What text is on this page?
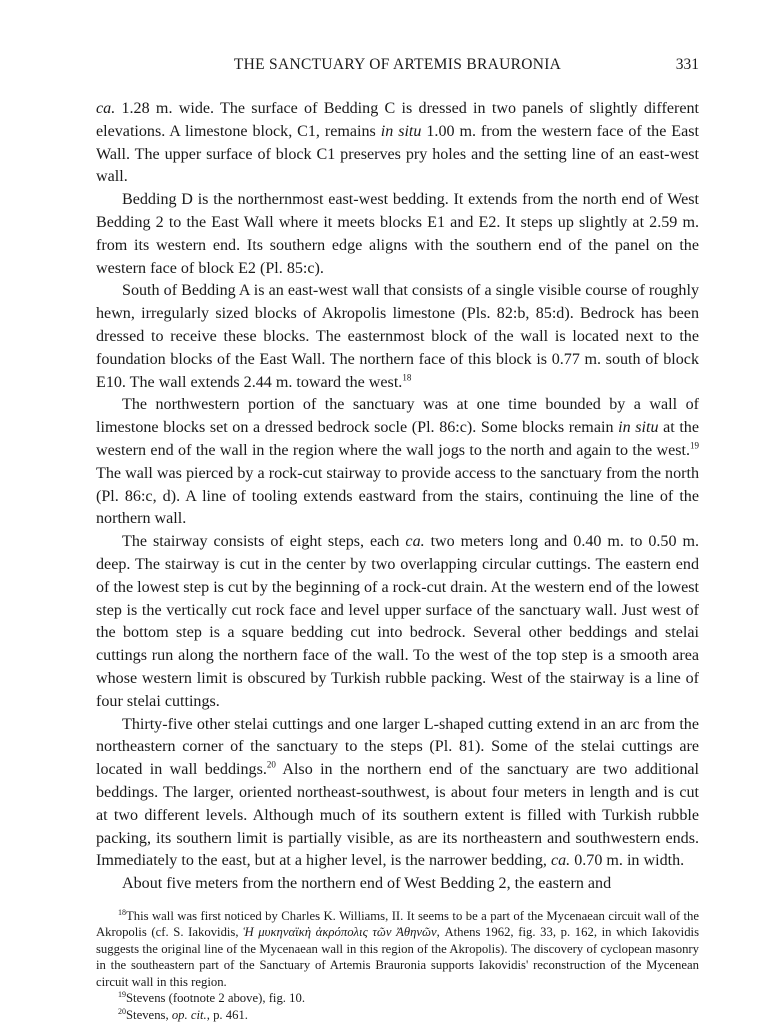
THE SANCTUARY OF ARTEMIS BRAURONIA	331

ca. 1.28 m. wide. The surface of Bedding C is dressed in two panels of slightly different elevations. A limestone block, C1, remains in situ 1.00 m. from the western face of the East Wall. The upper surface of block C1 preserves pry holes and the setting line of an east-west wall.

Bedding D is the northernmost east-west bedding. It extends from the north end of West Bedding 2 to the East Wall where it meets blocks E1 and E2. It steps up slightly at 2.59 m. from its western end. Its southern edge aligns with the southern end of the panel on the western face of block E2 (Pl. 85:c).

South of Bedding A is an east-west wall that consists of a single visible course of roughly hewn, irregularly sized blocks of Akropolis limestone (Pls. 82:b, 85:d). Bedrock has been dressed to receive these blocks. The easternmost block of the wall is located next to the foundation blocks of the East Wall. The northern face of this block is 0.77 m. south of block E10. The wall extends 2.44 m. toward the west.$^{18}$

The northwestern portion of the sanctuary was at one time bounded by a wall of limestone blocks set on a dressed bedrock socle (Pl. 86:c). Some blocks remain in situ at the western end of the wall in the region where the wall jogs to the north and again to the west.$^{19}$ The wall was pierced by a rock-cut stairway to provide access to the sanctuary from the north (Pl. 86:c, d). A line of tooling extends eastward from the stairs, continuing the line of the northern wall.

The stairway consists of eight steps, each ca. two meters long and 0.40 m. to 0.50 m. deep. The stairway is cut in the center by two overlapping circular cuttings. The eastern end of the lowest step is cut by the beginning of a rock-cut drain. At the western end of the lowest step is the vertically cut rock face and level upper surface of the sanctuary wall. Just west of the bottom step is a square bedding cut into bedrock. Several other beddings and stelai cuttings run along the northern face of the wall. To the west of the top step is a smooth area whose western limit is obscured by Turkish rubble packing. West of the stairway is a line of four stelai cuttings.

Thirty-five other stelai cuttings and one larger L-shaped cutting extend in an arc from the northeastern corner of the sanctuary to the steps (Pl. 81). Some of the stelai cuttings are located in wall beddings.$^{20}$ Also in the northern end of the sanctuary are two additional beddings. The larger, oriented northeast-southwest, is about four meters in length and is cut at two different levels. Although much of its southern extent is filled with Turkish rubble packing, its southern limit is partially visible, as are its northeastern and southwestern ends. Immediately to the east, but at a higher level, is the narrower bedding, ca. 0.70 m. in width.

About five meters from the northern end of West Bedding 2, the eastern and

$^{18}$This wall was first noticed by Charles K. Williams, II. It seems to be a part of the Mycenaean circuit wall of the Akropolis (cf. S. Iakovidis, Ἡ μυκηναϊκὴ ἀκρόπολις τῶν Ἀθηνῶν, Athens 1962, fig. 33, p. 162, in which Iakovidis suggests the original line of the Mycenaean wall in this region of the Akropolis). The discovery of cyclopean masonry in the southeastern part of the Sanctuary of Artemis Brauronia supports Iakovidis' reconstruction of the Mycenean circuit wall in this region.

$^{19}$Stevens (footnote 2 above), fig. 10.

$^{20}$Stevens, op. cit., p. 461.
